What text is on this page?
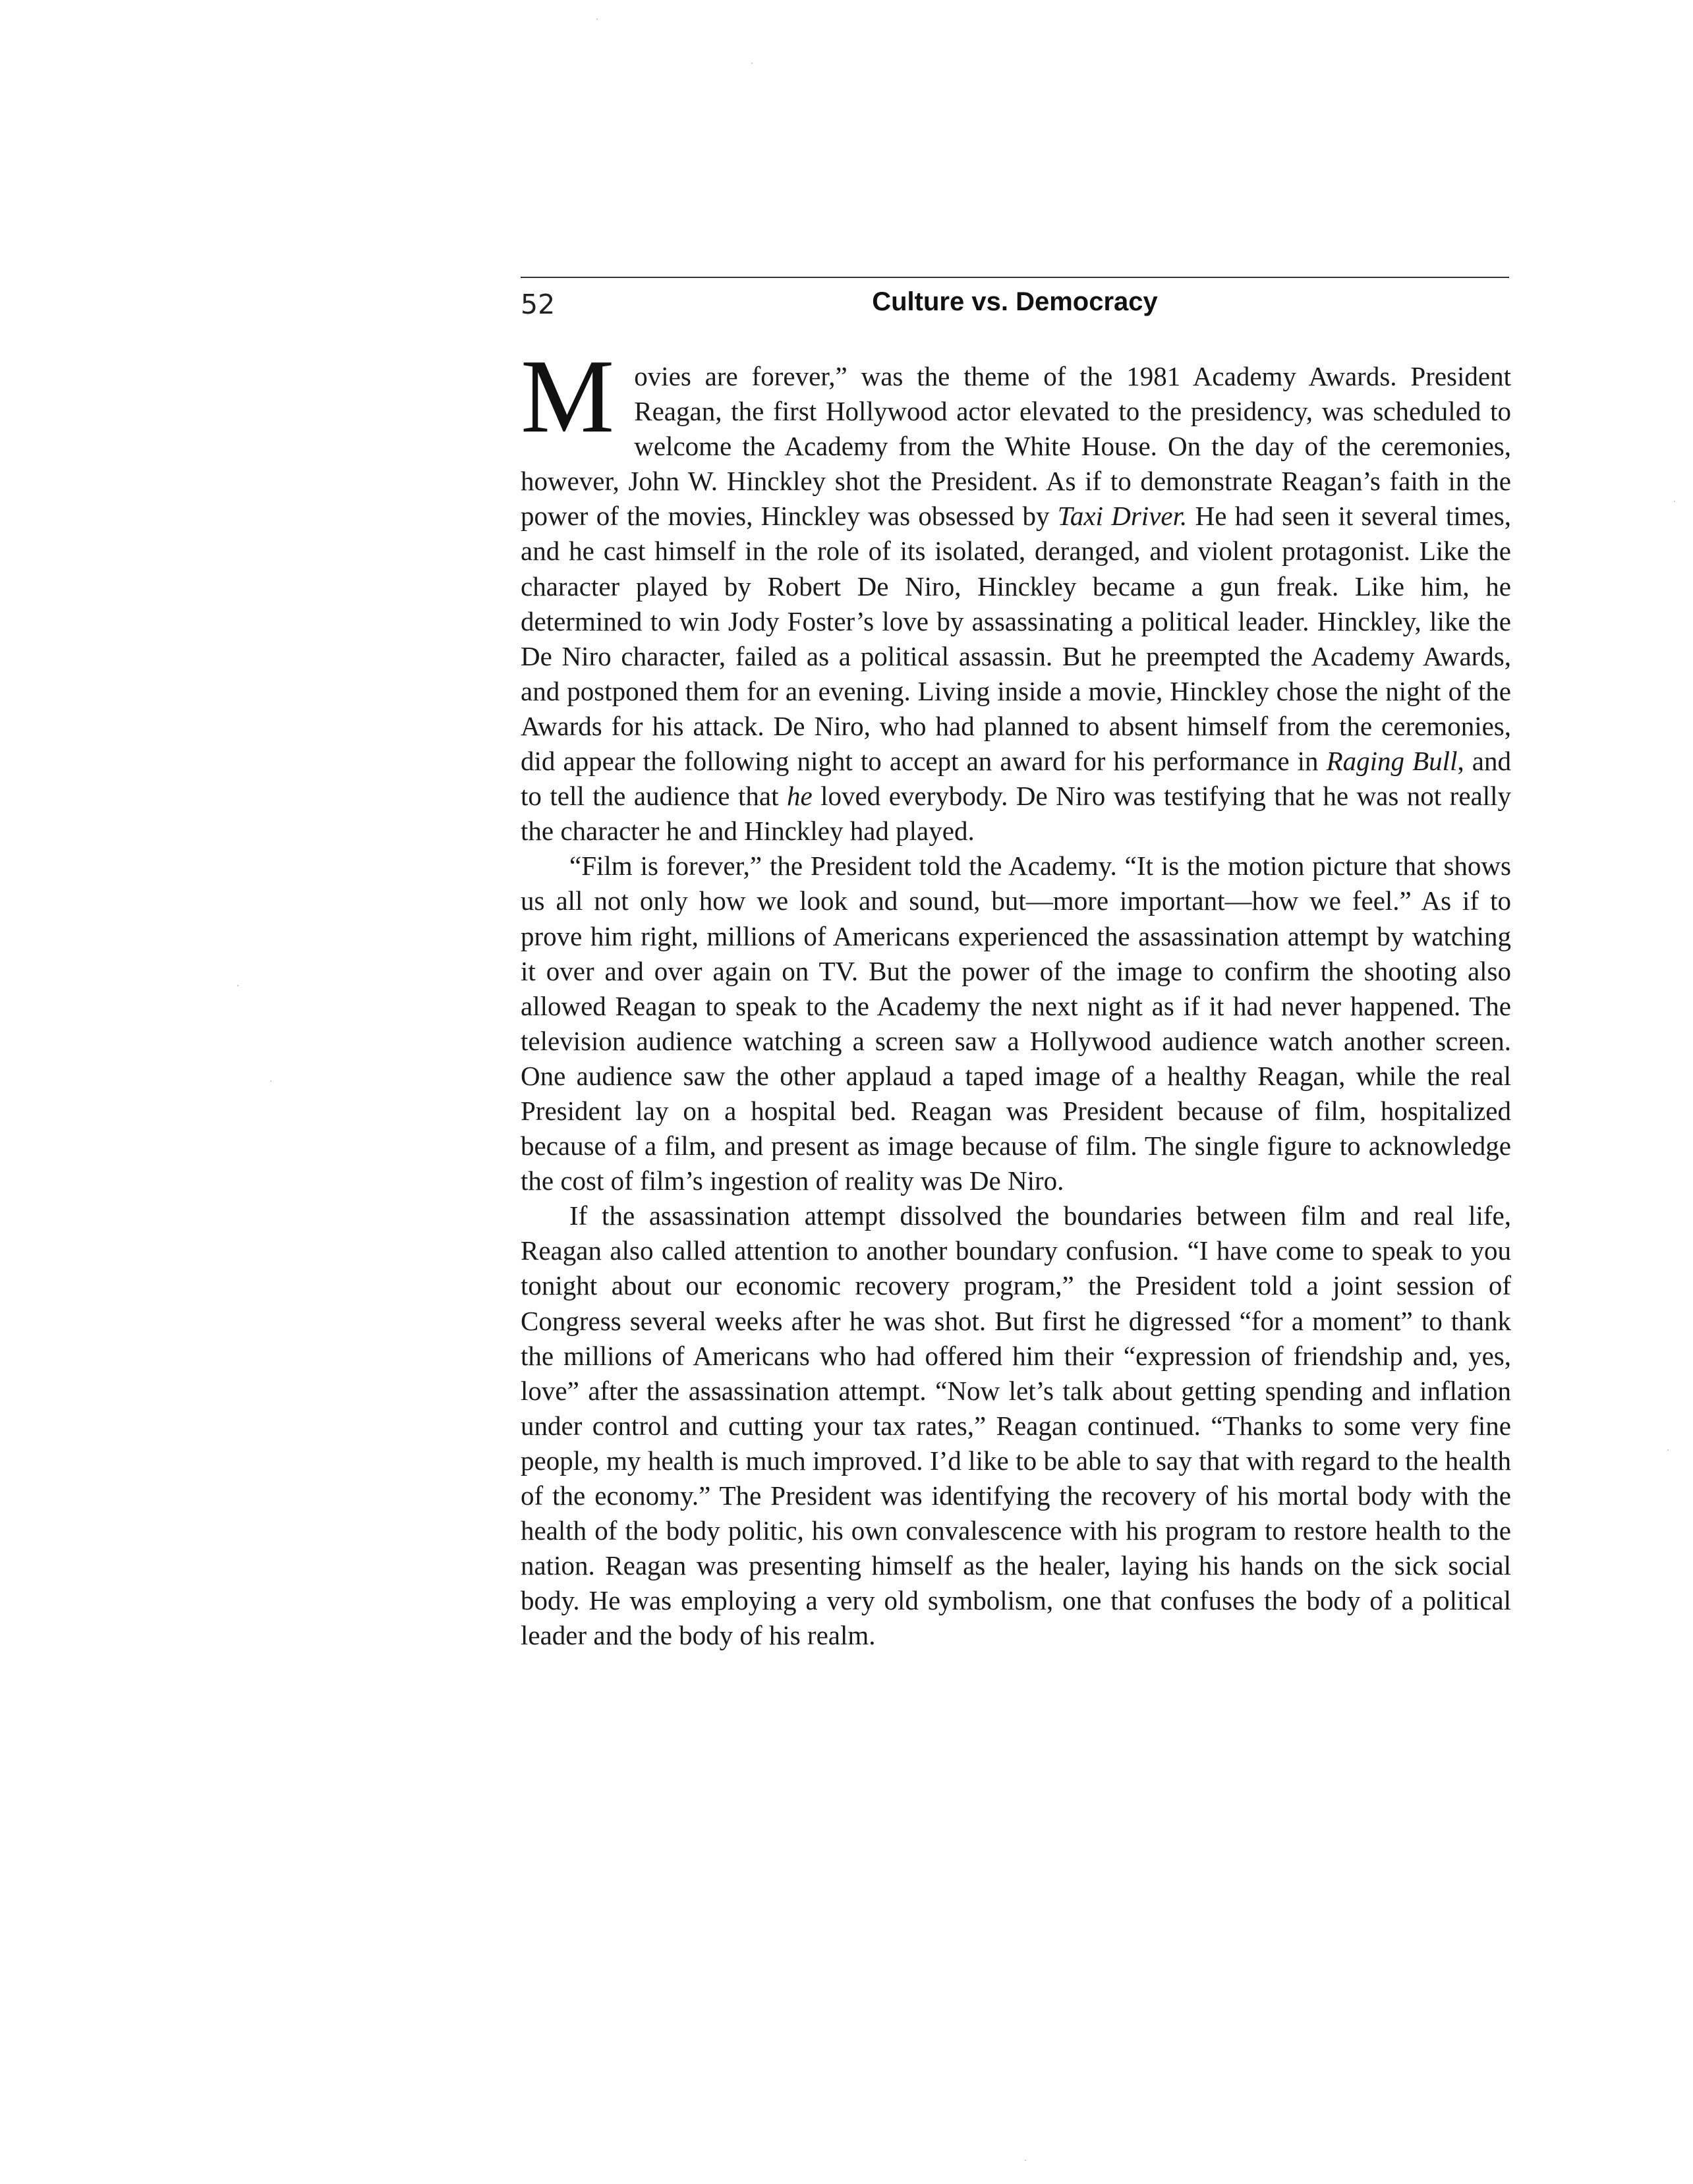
52	Culture vs. Democracy

Movies are forever,” was the theme of the 1981 Academy Awards. President Reagan, the first Hollywood actor elevated to the presidency, was scheduled to welcome the Academy from the White House. On the day of the ceremonies, however, John W. Hinckley shot the President. As if to demonstrate Reagan’s faith in the power of the movies, Hinckley was obsessed by Taxi Driver. He had seen it several times, and he cast himself in the role of its isolated, deranged, and violent protagonist. Like the character played by Robert De Niro, Hinckley became a gun freak. Like him, he determined to win Jody Foster’s love by assassinating a political leader. Hinckley, like the De Niro character, failed as a political assassin. But he preempted the Academy Awards, and postponed them for an evening. Living inside a movie, Hinckley chose the night of the Awards for his attack. De Niro, who had planned to absent himself from the ceremonies, did appear the following night to accept an award for his performance in Raging Bull, and to tell the audience that he loved everybody. De Niro was testifying that he was not really the character he and Hinckley had played.

“Film is forever,” the President told the Academy. “It is the motion picture that shows us all not only how we look and sound, but—more important—how we feel.” As if to prove him right, millions of Americans experienced the assassination attempt by watching it over and over again on TV. But the power of the image to confirm the shooting also allowed Reagan to speak to the Academy the next night as if it had never happened. The television audience watching a screen saw a Hollywood audience watch another screen. One audience saw the other applaud a taped image of a healthy Reagan, while the real President lay on a hospital bed. Reagan was President because of film, hospitalized because of a film, and present as image because of film. The single figure to acknowledge the cost of film’s ingestion of reality was De Niro.

If the assassination attempt dissolved the boundaries between film and real life, Reagan also called attention to another boundary confusion. “I have come to speak to you tonight about our economic recovery program,” the President told a joint session of Congress several weeks after he was shot. But first he digressed “for a moment” to thank the millions of Americans who had offered him their “expression of friendship and, yes, love” after the assassination attempt. “Now let’s talk about getting spending and inflation under control and cutting your tax rates,” Reagan continued. “Thanks to some very fine people, my health is much improved. I’d like to be able to say that with regard to the health of the economy.” The President was identifying the recovery of his mortal body with the health of the body politic, his own convalescence with his program to restore health to the nation. Reagan was presenting himself as the healer, laying his hands on the sick social body. He was employing a very old symbolism, one that confuses the body of a political leader and the body of his realm.
